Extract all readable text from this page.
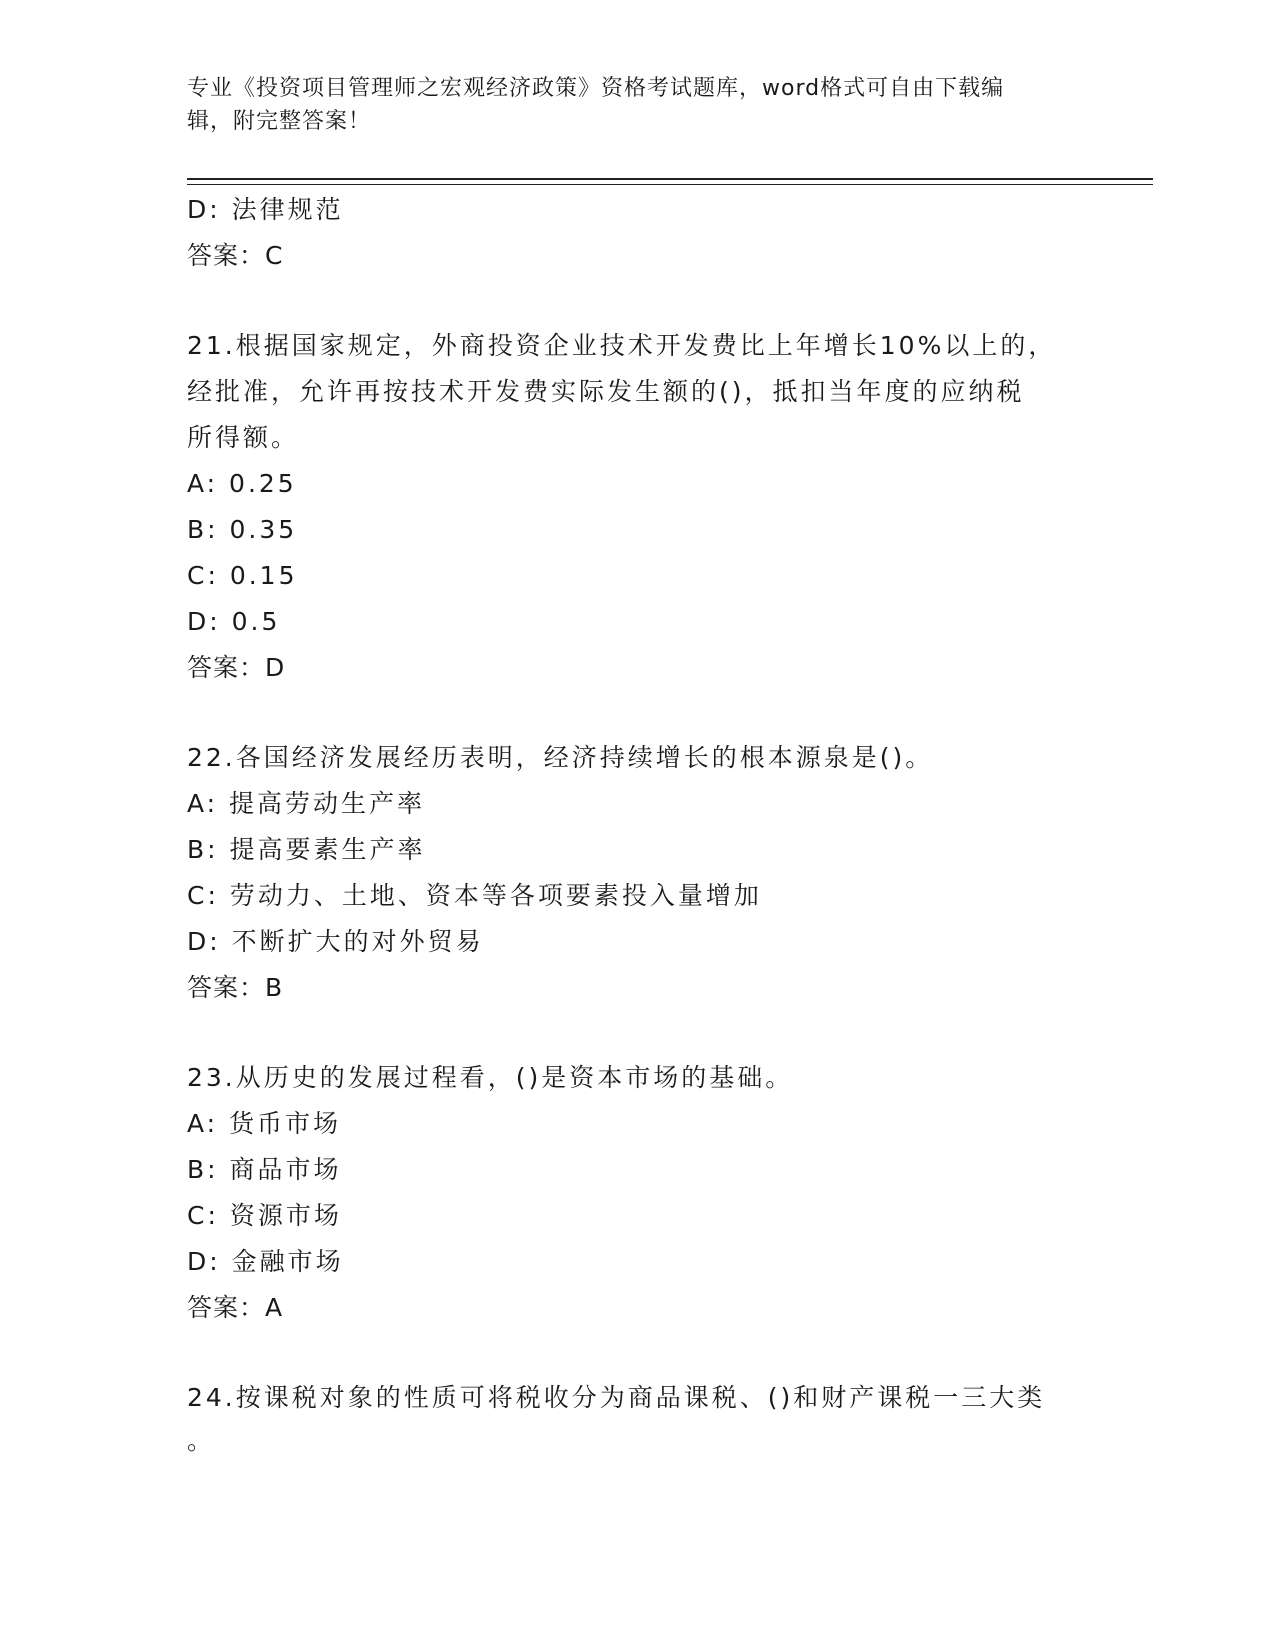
专业《投资项目管理师之宏观经济政策》资格考试题库，word格式可自由下载编
辑，附完整答案！
D: 法律规范
答案：C
21.根据国家规定，外商投资企业技术开发费比上年增长10%以上的，
经批准，允许再按技术开发费实际发生额的()，抵扣当年度的应纳税
所得额。
A: 0.25
B: 0.35
C: 0.15
D: 0.5
答案：D
22.各国经济发展经历表明，经济持续增长的根本源泉是()。
A: 提高劳动生产率
B: 提高要素生产率
C: 劳动力、土地、资本等各项要素投入量增加
D: 不断扩大的对外贸易
答案：B
23.从历史的发展过程看，()是资本市场的基础。
A: 货币市场
B: 商品市场
C: 资源市场
D: 金融市场
答案：A
24.按课税对象的性质可将税收分为商品课税、()和财产课税一三大类
。
